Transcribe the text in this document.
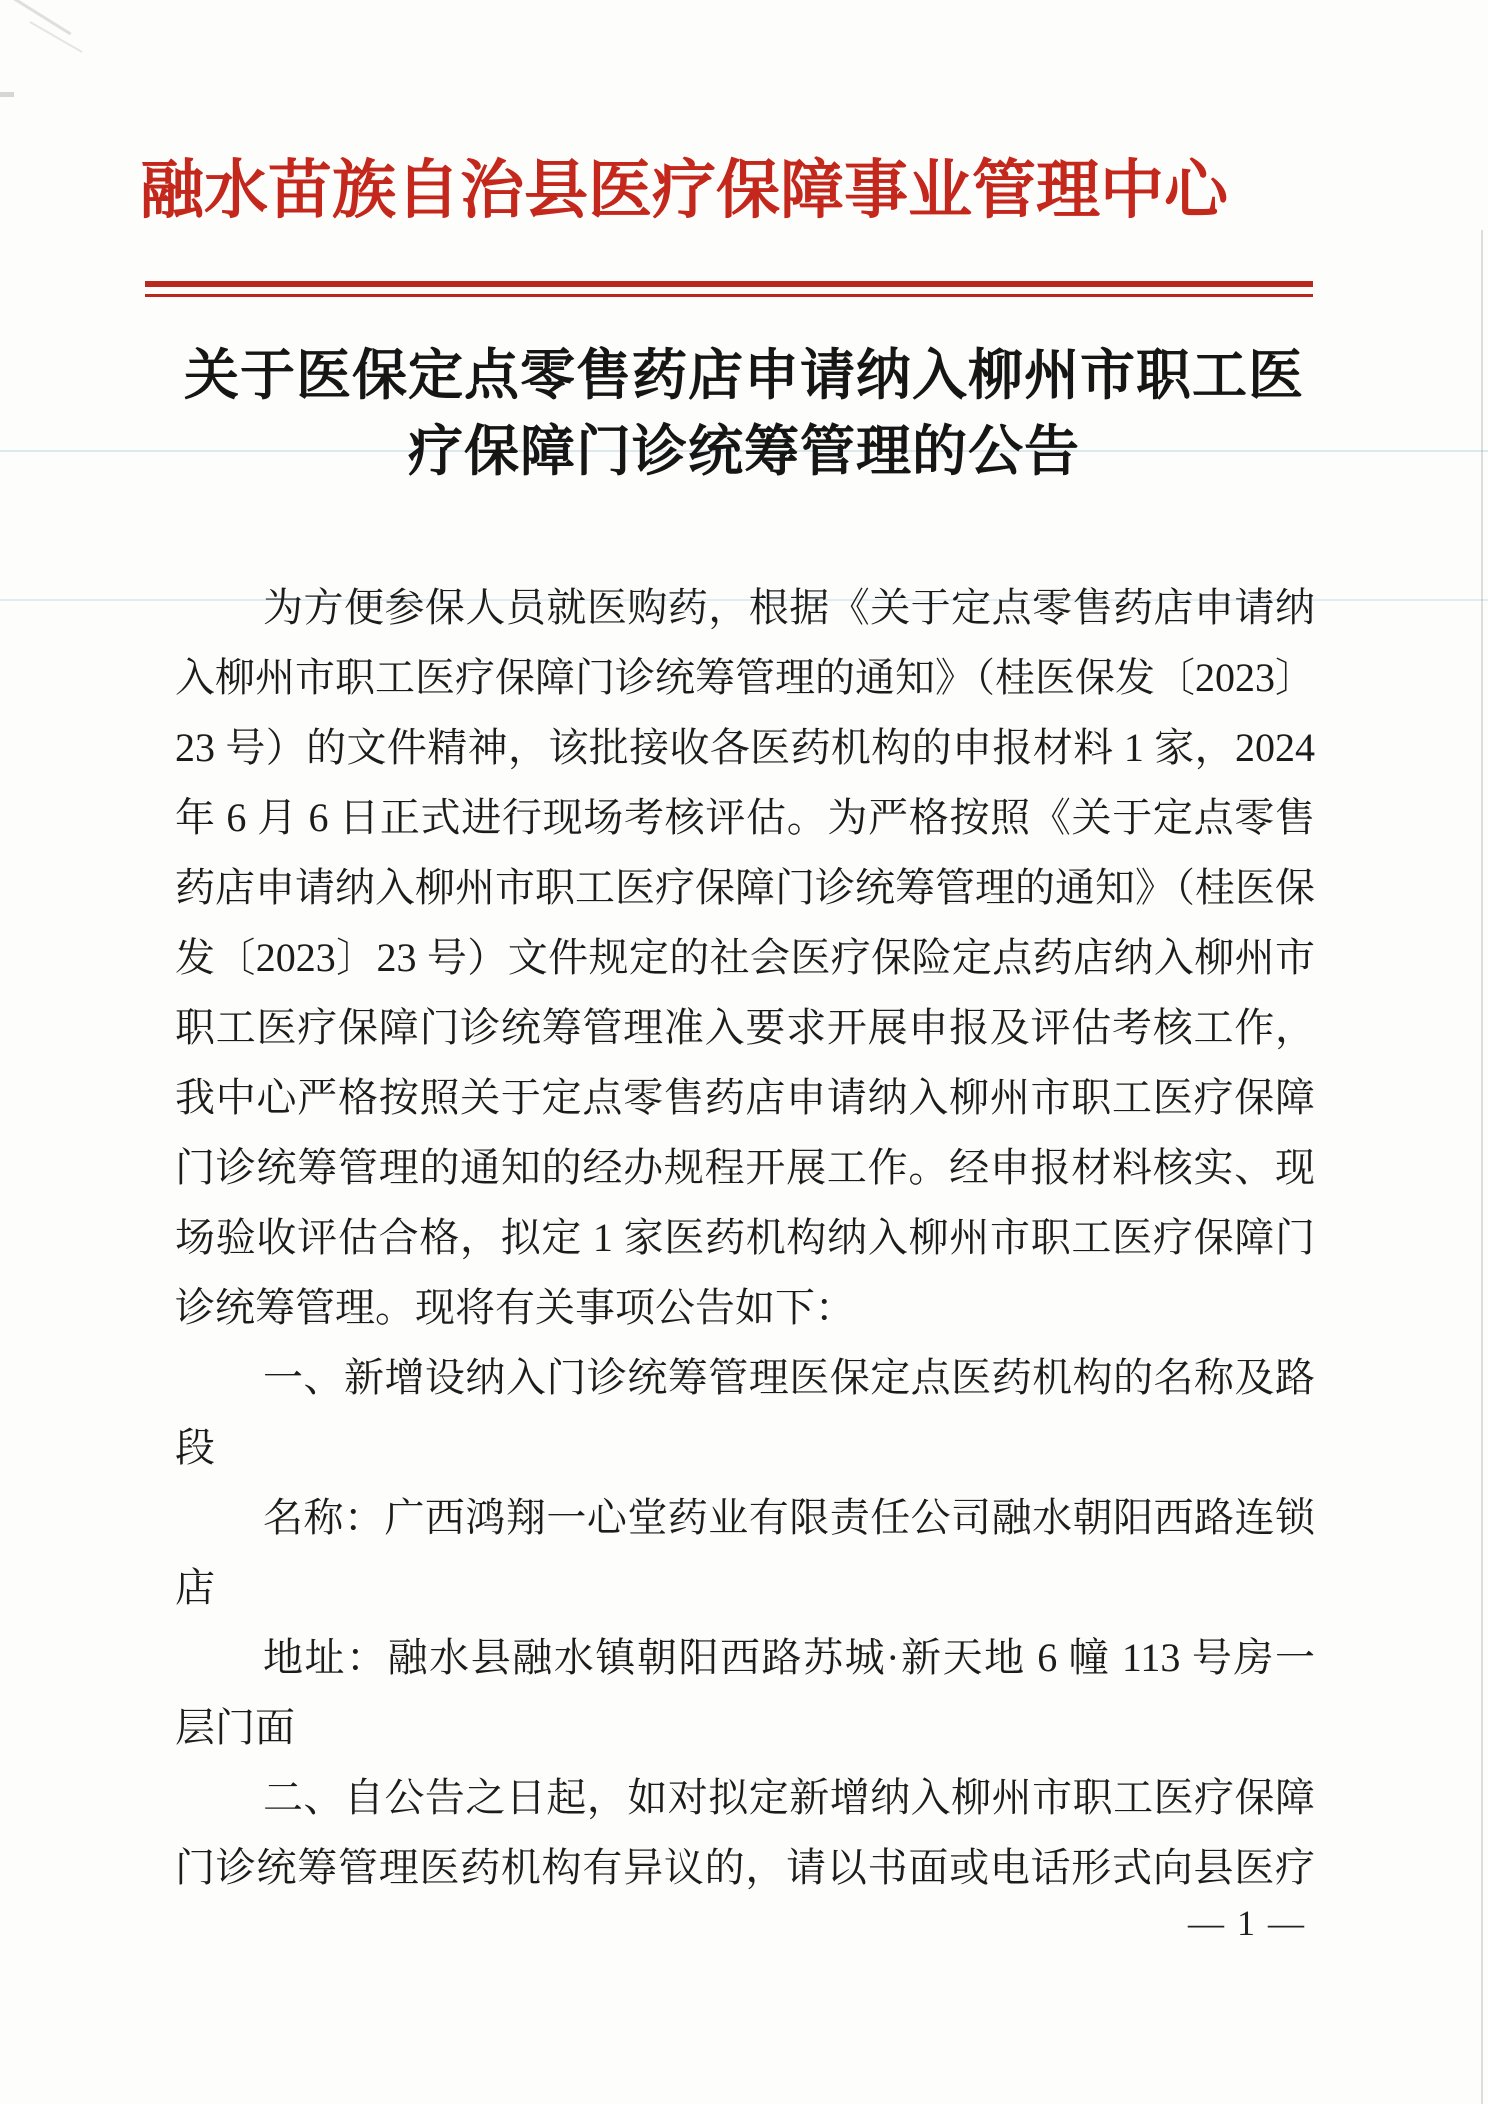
融水苗族自治县医疗保障事业管理中心
关于医保定点零售药店申请纳入柳州市职工医
疗保障门诊统筹管理的公告
为方便参保人员就医购药，根据《关于定点零售药店申请纳
入柳州市职工医疗保障门诊统筹管理的通知》（桂医保发〔2023〕
23 号）的文件精神，该批接收各医药机构的申报材料 1 家，2024
年 6 月 6 日正式进行现场考核评估。为严格按照《关于定点零售
药店申请纳入柳州市职工医疗保障门诊统筹管理的通知》（桂医保
发〔2023〕23 号）文件规定的社会医疗保险定点药店纳入柳州市
职工医疗保障门诊统筹管理准入要求开展申报及评估考核工作，
我中心严格按照关于定点零售药店申请纳入柳州市职工医疗保障
门诊统筹管理的通知的经办规程开展工作。经申报材料核实、现
场验收评估合格，拟定 1 家医药机构纳入柳州市职工医疗保障门
诊统筹管理。现将有关事项公告如下：
一、新增设纳入门诊统筹管理医保定点医药机构的名称及路
段
名称：广西鸿翔一心堂药业有限责任公司融水朝阳西路连锁
店
地址：融水县融水镇朝阳西路苏城·新天地 6 幢 113 号房一
层门面
二、自公告之日起，如对拟定新增纳入柳州市职工医疗保障
门诊统筹管理医药机构有异议的，请以书面或电话形式向县医疗
— 1 —
